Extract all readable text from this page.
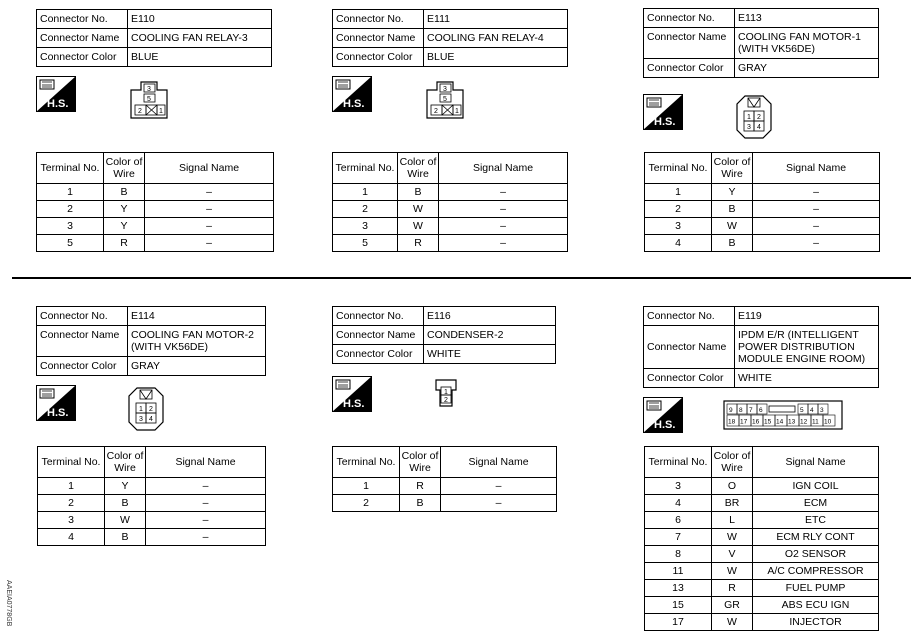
Connector No.	E110
Connector Name	COOLING FAN RELAY-3
Connector Color	BLUE
H.S.
3
5
2 1
Terminal No.	Color of Wire	Signal Name
1	B	–
2	Y	–
3	Y	–
5	R	–
Connector No.	E111
Connector Name	COOLING FAN RELAY-4
Connector Color	BLUE
H.S.
3
5
2 1
Terminal No.	Color of Wire	Signal Name
1	B	–
2	W	–
3	W	–
5	R	–
Connector No.	E113
Connector Name	COOLING FAN MOTOR-1 (WITH VK56DE)
Connector Color	GRAY
H.S.	1 2
3 4
Terminal No.	Color of Wire	Signal Name
1	Y	–
2	B	–
3	W	–
4	B	–
Connector No.	E114
Connector Name	COOLING FAN MOTOR-2 (WITH VK56DE)
Connector Color	GRAY
H.S.	1 2
3 4
Terminal No.	Color of Wire	Signal Name
1	Y	–
2	B	–
3	W	–
4	B	–
Connector No.	E116
Connector Name	CONDENSER-2
Connector Color	WHITE
H.S.
1
2
Terminal No.	Color of Wire	Signal Name
1	R	–
2	B	–
Connector No.	E119
Connector Name	IPDM E/R (INTELLIGENT POWER DISTRIBUTION MODULE ENGINE ROOM)
Connector Color	WHITE
H.S.
9 8 7 6	5 4 3
18 17 16 15 14 13 12 11 10
Terminal No.	Color of Wire	Signal Name
3	O	IGN COIL
4	BR	ECM
6	L	ETC
7	W	ECM RLY CONT
8	V	O2 SENSOR
11	W	A/C COMPRESSOR
13	R	FUEL PUMP
15	GR	ABS ECU IGN
17	W	INJECTOR
AAEIA0778GB
